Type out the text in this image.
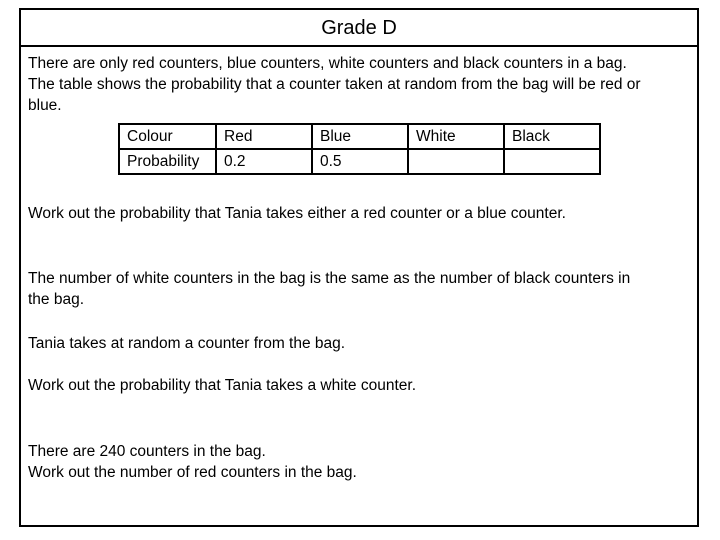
Grade D
There are only red counters, blue counters, white counters and black counters in a bag.
The table shows the probability that a counter taken at random from the bag will be red or
blue.
Colour	Red	Blue	White	Black
Probability	0.2	0.5		
Work out the probability that Tania takes either a red counter or a blue counter.
The number of white counters in the bag is the same as the number of black counters in
the bag.
Tania takes at random a counter from the bag.
Work out the probability that Tania takes a white counter.
There are 240 counters in the bag.
Work out the number of red counters in the bag.
